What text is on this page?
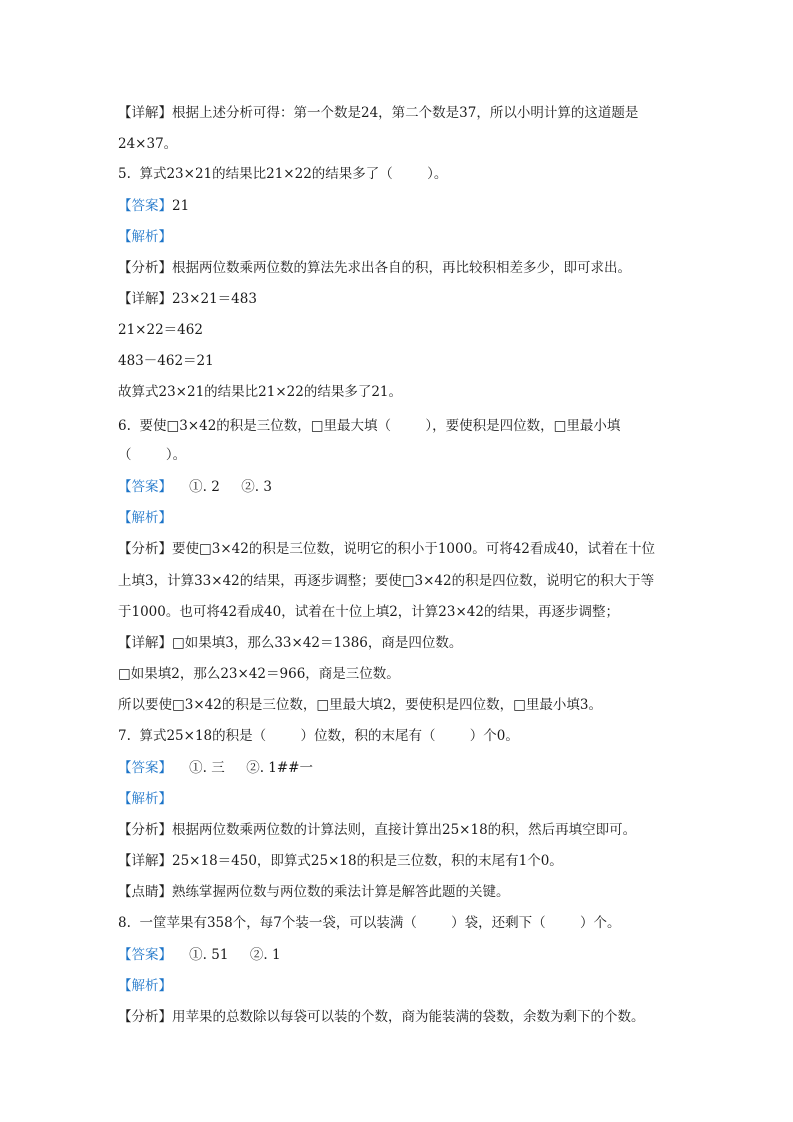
【详解】根据上述分析可得：第一个数是24，第二个数是37，所以小明计算的这道题是
24×37。
5.  算式23×21的结果比21×22的结果多了（        ）。
【答案】21
【解析】
【分析】根据两位数乘两位数的算法先求出各自的积，再比较积相差多少，即可求出。
【详解】23×21＝483
21×22＝462
483－462＝21
故算式23×21的结果比21×22的结果多了21。
6.  要使□3×42的积是三位数，□里最大填（        ），要使积是四位数，□里最小填
（        ）。
【答案】    ①. 2     ②. 3
【解析】
【分析】要使□3×42的积是三位数，说明它的积小于1000。可将42看成40，试着在十位
上填3，计算33×42的结果，再逐步调整；要使□3×42的积是四位数，说明它的积大于等
于1000。也可将42看成40，试着在十位上填2，计算23×42的结果，再逐步调整；
【详解】□如果填3，那么33×42＝1386，商是四位数。
□如果填2，那么23×42＝966，商是三位数。
所以要使□3×42的积是三位数，□里最大填2，要使积是四位数，□里最小填3。
7.  算式25×18的积是（        ）位数，积的末尾有（        ）个0。
【答案】    ①. 三     ②. 1##一
【解析】
【分析】根据两位数乘两位数的计算法则，直接计算出25×18的积，然后再填空即可。
【详解】25×18＝450，即算式25×18的积是三位数，积的末尾有1个0。
【点睛】熟练掌握两位数与两位数的乘法计算是解答此题的关键。
8.  一筐苹果有358个，每7个装一袋，可以装满（        ）袋，还剩下（        ）个。
【答案】    ①. 51     ②. 1
【解析】
【分析】用苹果的总数除以每袋可以装的个数，商为能装满的袋数，余数为剩下的个数。
